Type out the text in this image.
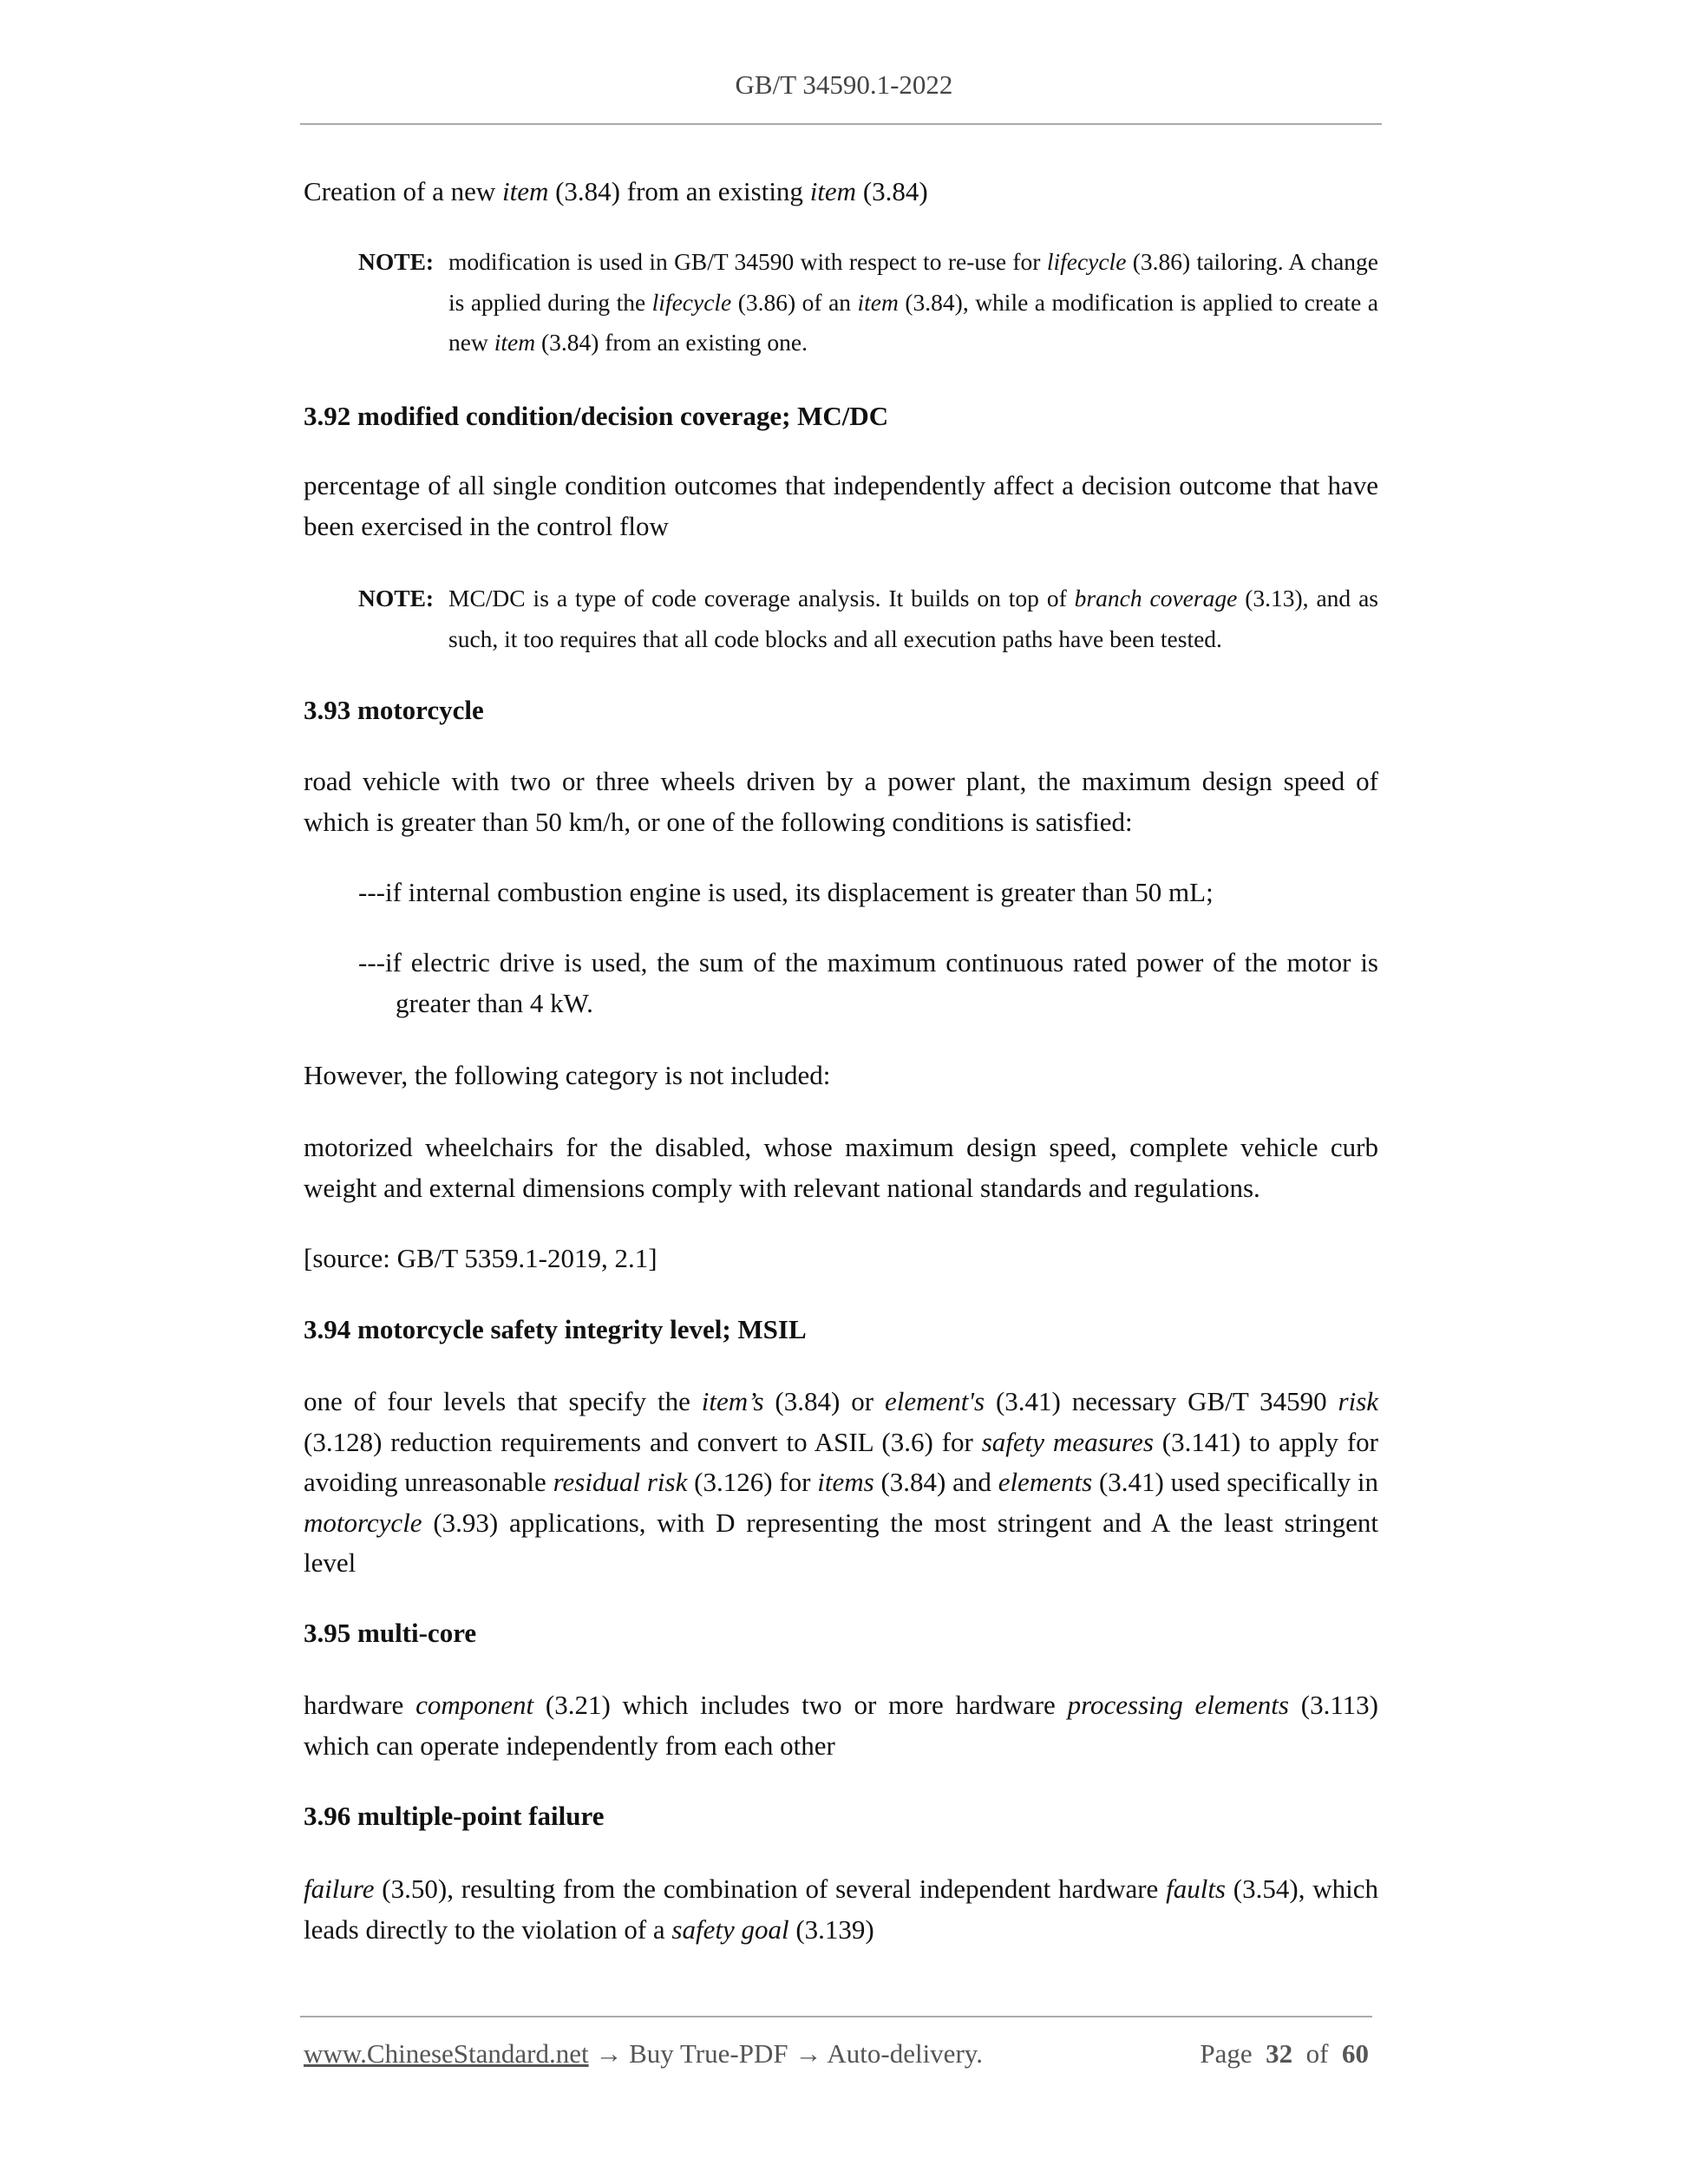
GB/T 34590.1-2022
Creation of a new item (3.84) from an existing item (3.84)
NOTE: modification is used in GB/T 34590 with respect to re-use for lifecycle (3.86) tailoring. A change is applied during the lifecycle (3.86) of an item (3.84), while a modification is applied to create a new item (3.84) from an existing one.
3.92 modified condition/decision coverage; MC/DC
percentage of all single condition outcomes that independently affect a decision outcome that have been exercised in the control flow
NOTE: MC/DC is a type of code coverage analysis. It builds on top of branch coverage (3.13), and as such, it too requires that all code blocks and all execution paths have been tested.
3.93 motorcycle
road vehicle with two or three wheels driven by a power plant, the maximum design speed of which is greater than 50 km/h, or one of the following conditions is satisfied:
---if internal combustion engine is used, its displacement is greater than 50 mL;
---if electric drive is used, the sum of the maximum continuous rated power of the motor is greater than 4 kW.
However, the following category is not included:
motorized wheelchairs for the disabled, whose maximum design speed, complete vehicle curb weight and external dimensions comply with relevant national standards and regulations.
[source: GB/T 5359.1-2019, 2.1]
3.94 motorcycle safety integrity level; MSIL
one of four levels that specify the item’s (3.84) or element's (3.41) necessary GB/T 34590 risk (3.128) reduction requirements and convert to ASIL (3.6) for safety measures (3.141) to apply for avoiding unreasonable residual risk (3.126) for items (3.84) and elements (3.41) used specifically in motorcycle (3.93) applications, with D representing the most stringent and A the least stringent level
3.95 multi-core
hardware component (3.21) which includes two or more hardware processing elements (3.113) which can operate independently from each other
3.96 multiple-point failure
failure (3.50), resulting from the combination of several independent hardware faults (3.54), which leads directly to the violation of a safety goal (3.139)
www.ChineseStandard.net → Buy True-PDF → Auto-delivery.	Page 32 of 60
